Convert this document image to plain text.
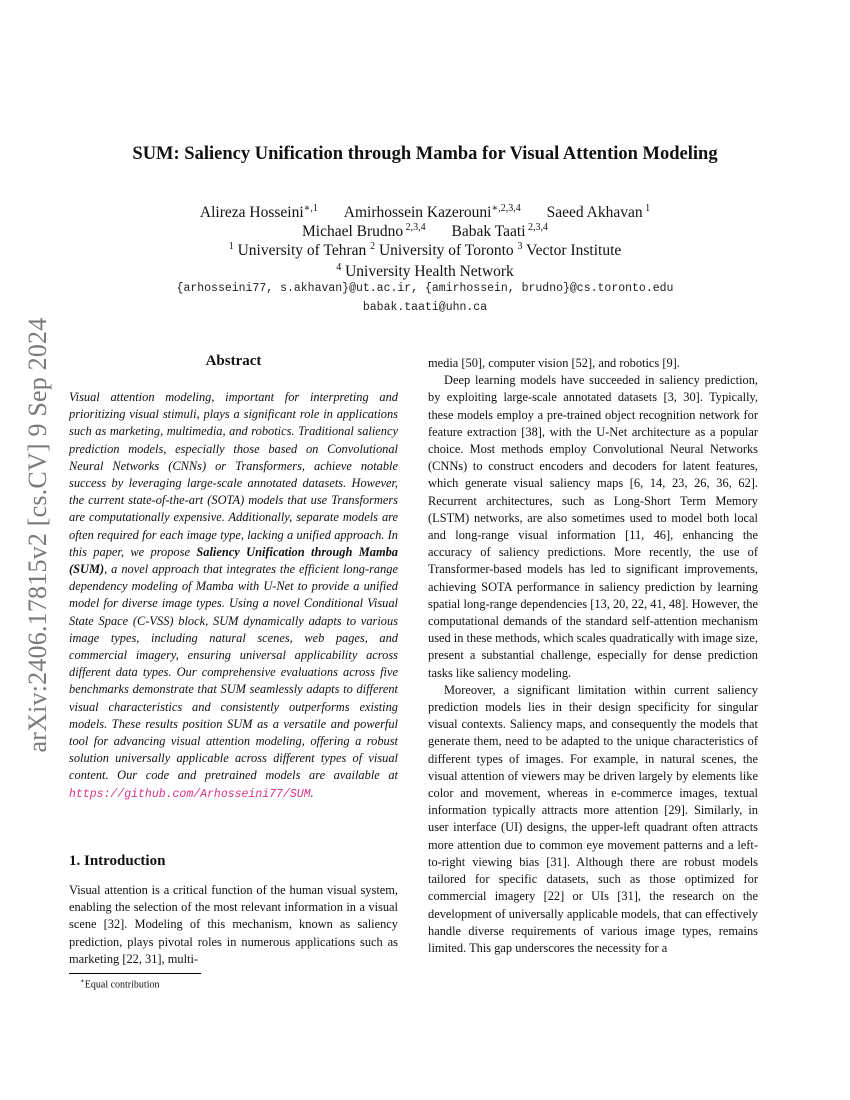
arXiv:2406.17815v2 [cs.CV] 9 Sep 2024
SUM: Saliency Unification through Mamba for Visual Attention Modeling
Alireza Hosseini$^{∗,1}$ Amirhossein Kazerouni$^{∗,2,3,4}$ Saeed Akhavan $^1$
Michael Brudno $^{2,3,4}$ Babak Taati $^{2,3,4}$
$^1$ University of Tehran $^2$ University of Toronto $^3$ Vector Institute
$^4$ University Health Network
{arhosseini77, s.akhavan}@ut.ac.ir, {amirhossein, brudno}@cs.toronto.edu
babak.taati@uhn.ca
Abstract
Visual attention modeling, important for interpreting and prioritizing visual stimuli, plays a significant role in applications such as marketing, multimedia, and robotics. Traditional saliency prediction models, especially those based on Convolutional Neural Networks (CNNs) or Transformers, achieve notable success by leveraging large-scale annotated datasets. However, the current state-of-the-art (SOTA) models that use Transformers are computationally expensive. Additionally, separate models are often required for each image type, lacking a unified approach. In this paper, we propose Saliency Unification through Mamba (SUM), a novel approach that integrates the efficient long-range dependency modeling of Mamba with U-Net to provide a unified model for diverse image types. Using a novel Conditional Visual State Space (C-VSS) block, SUM dynamically adapts to various image types, including natural scenes, web pages, and commercial imagery, ensuring universal applicability across different data types. Our comprehensive evaluations across five benchmarks demonstrate that SUM seamlessly adapts to different visual characteristics and consistently outperforms existing models. These results position SUM as a versatile and powerful tool for advancing visual attention modeling, offering a robust solution universally applicable across different types of visual content. Our code and pretrained models are available at https://github.com/Arhosseini77/SUM.
1. Introduction

Visual attention is a critical function of the human visual system, enabling the selection of the most relevant information in a visual scene [32]. Modeling of this mechanism, known as saliency prediction, plays pivotal roles in numerous applications such as marketing [22, 31], multi-

media [50], computer vision [52], and robotics [9].

Deep learning models have succeeded in saliency prediction, by exploiting large-scale annotated datasets [3, 30]. Typically, these models employ a pre-trained object recognition network for feature extraction [38], with the U-Net architecture as a popular choice. Most methods employ Convolutional Neural Networks (CNNs) to construct encoders and decoders for latent features, which generate visual saliency maps [6, 14, 23, 26, 36, 62]. Recurrent architectures, such as Long-Short Term Memory (LSTM) networks, are also sometimes used to model both local and long-range visual information [11, 46], enhancing the accuracy of saliency predictions. More recently, the use of Transformer-based models has led to significant improvements, achieving SOTA performance in saliency prediction by learning spatial long-range dependencies [13, 20, 22, 41, 48]. However, the computational demands of the standard self-attention mechanism used in these methods, which scales quadratically with image size, present a substantial challenge, especially for dense prediction tasks like saliency modeling.

Moreover, a significant limitation within current saliency prediction models lies in their design specificity for singular visual contexts. Saliency maps, and consequently the models that generate them, need to be adapted to the unique characteristics of different types of images. For example, in natural scenes, the visual attention of viewers may be driven largely by elements like color and movement, whereas in e-commerce images, textual information typically attracts more attention [29]. Similarly, in user interface (UI) designs, the upper-left quadrant often attracts more attention due to common eye movement patterns and a left-to-right viewing bias [31]. Although there are robust models tailored for specific datasets, such as those optimized for commercial imagery [22] or UIs [31], the research on the development of universally applicable models, that can effectively handle diverse requirements of various image types, remains limited. This gap underscores the necessity for a

∗Equal contribution
